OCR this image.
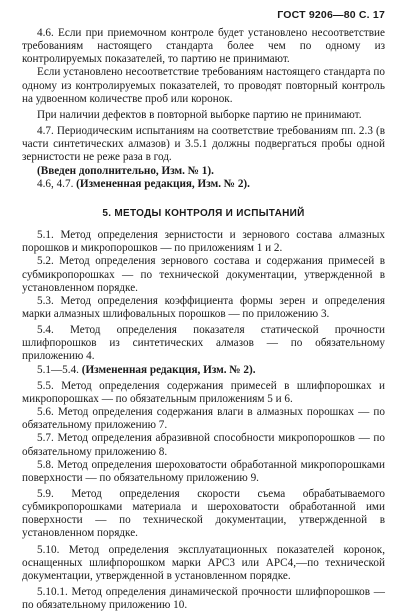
ГОСТ 9206—80 С. 17

4.6. Если при приемочном контроле будет установлено несоответствие требованиям настоящего стандарта более чем по одному из контролируемых показателей, то партию не принимают.

Если установлено несоответствие требованиям настоящего стандарта по одному из контролируемых показателей, то проводят повторный контроль на удвоенном количестве проб или коронок.

При наличии дефектов в повторной выборке партию не принимают.

4.7. Периодическим испытаниям на соответствие требованиям пп. 2.3 (в части синтетических алмазов) и 3.5.1 должны подвергаться пробы одной зернистости не реже раза в год.

(Введен дополнительно, Изм. № 1).

4.6, 4.7. (Измененная редакция, Изм. № 2).

5. МЕТОДЫ КОНТРОЛЯ И ИСПЫТАНИЙ

5.1. Метод определения зернистости и зернового состава алмазных порошков и микропорошков — по приложениям 1 и 2.

5.2. Метод определения зернового состава и содержания примесей в субмикропорошках — по технической документации, утвержденной в установленном порядке.

5.3. Метод определения коэффициента формы зерен и определения марки алмазных шлифовальных порошков — по приложению 3.

5.4. Метод определения показателя статической прочности шлифпорошков из синтетических алмазов — по обязательному приложению 4.

5.1—5.4. (Измененная редакция, Изм. № 2).

5.5. Метод определения содержания примесей в шлифпорошках и микропорошках — по обязательным приложениям 5 и 6.

5.6. Метод определения содержания влаги в алмазных порошках — по обязательному приложению 7.

5.7. Метод определения абразивной способности микропорошков — по обязательному приложению 8.

5.8. Метод определения шероховатости обработанной микропорошками поверхности — по обязательному приложению 9.

5.9. Метод определения скорости съема обрабатываемого субмикропорошками материала и шероховатости обработанной ими поверхности — по технической документации, утвержденной в установленном порядке.

5.10. Метод определения эксплуатационных показателей коронок, оснащенных шлифпорошком марки АРС3 или АРС4,—по технической документации, утвержденной в установленном порядке.

5.10.1. Метод определения динамической прочности шлифпорошков — по обязательному приложению 10.
